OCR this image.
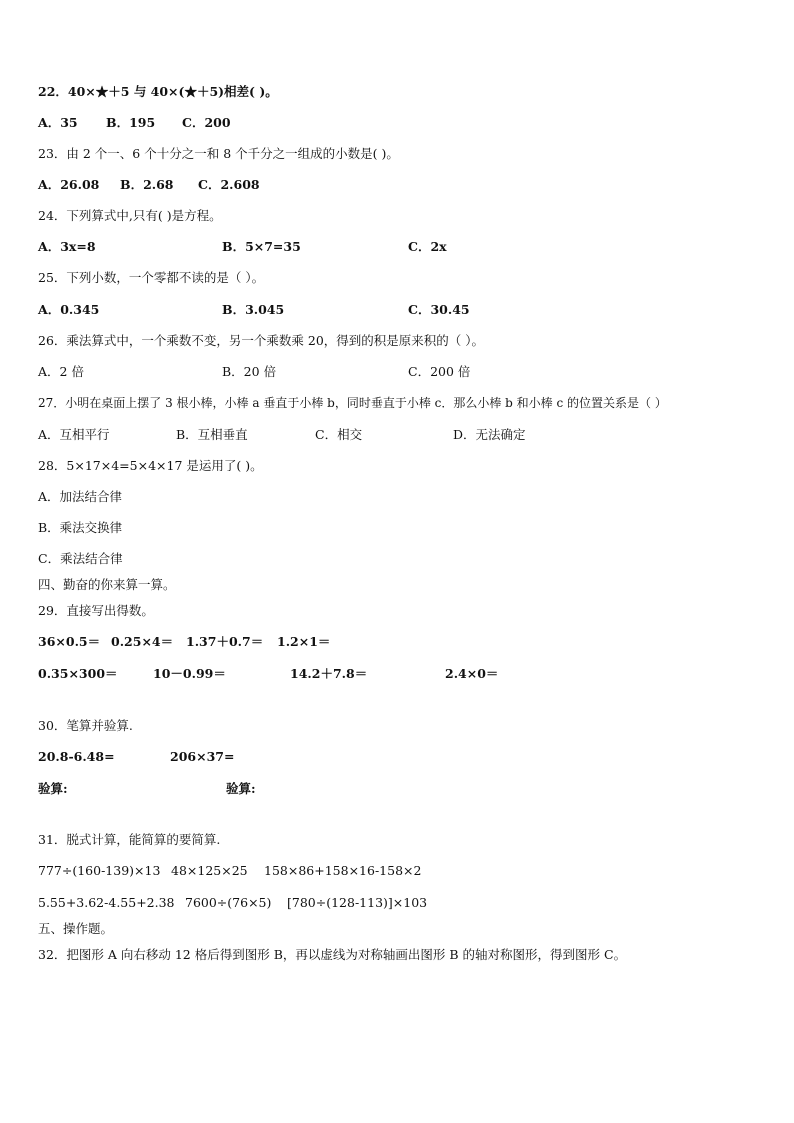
22．40×★＋5 与 40×(★＋5)相差( )。
A．35 B．195 C．200
23．由 2 个一、6 个十分之一和 8 个千分之一组成的小数是( )。
A．26.08 B．2.68 C．2.608
24．下列算式中,只有( )是方程。
A．3x=8	B．5×7=35	C．2x
25．下列小数，一个零都不读的是（ ）。
A．0.345	B．3.045	C．30.45
26．乘法算式中，一个乘数不变，另一个乘数乘 20，得到的积是原来积的（ ）。
A．2 倍	B．20 倍	C．200 倍
27．小明在桌面上摆了 3 根小棒，小棒 a 垂直于小棒 b，同时垂直于小棒 c．那么小棒 b 和小棒 c 的位置关系是（ ）
A．互相平行	B．互相垂直	C．相交	D．无法确定
28．5×17×4=5×4×17 是运用了( )。
A．加法结合律
B．乘法交换律
C．乘法结合律
四、勤奋的你来算一算。
29．直接写出得数。
36×0.5＝ 0.25×4＝ 1.37＋0.7＝ 1.2×1＝
0.35×300＝	10－0.99＝	14.2＋7.8＝	2.4×0＝
30．笔算并验算.
20.8-6.48=	206×37=
验算:	验算:
31．脱式计算，能简算的要简算.
777÷(160-139)×13 48×125×25 158×86+158×16-158×2
5.55+3.62-4.55+2.38 7600÷(76×5) [780÷(128-113)]×103
五、操作题。
32．把图形 A 向右移动 12 格后得到图形 B，再以虚线为对称轴画出图形 B 的轴对称图形，得到图形 C。
